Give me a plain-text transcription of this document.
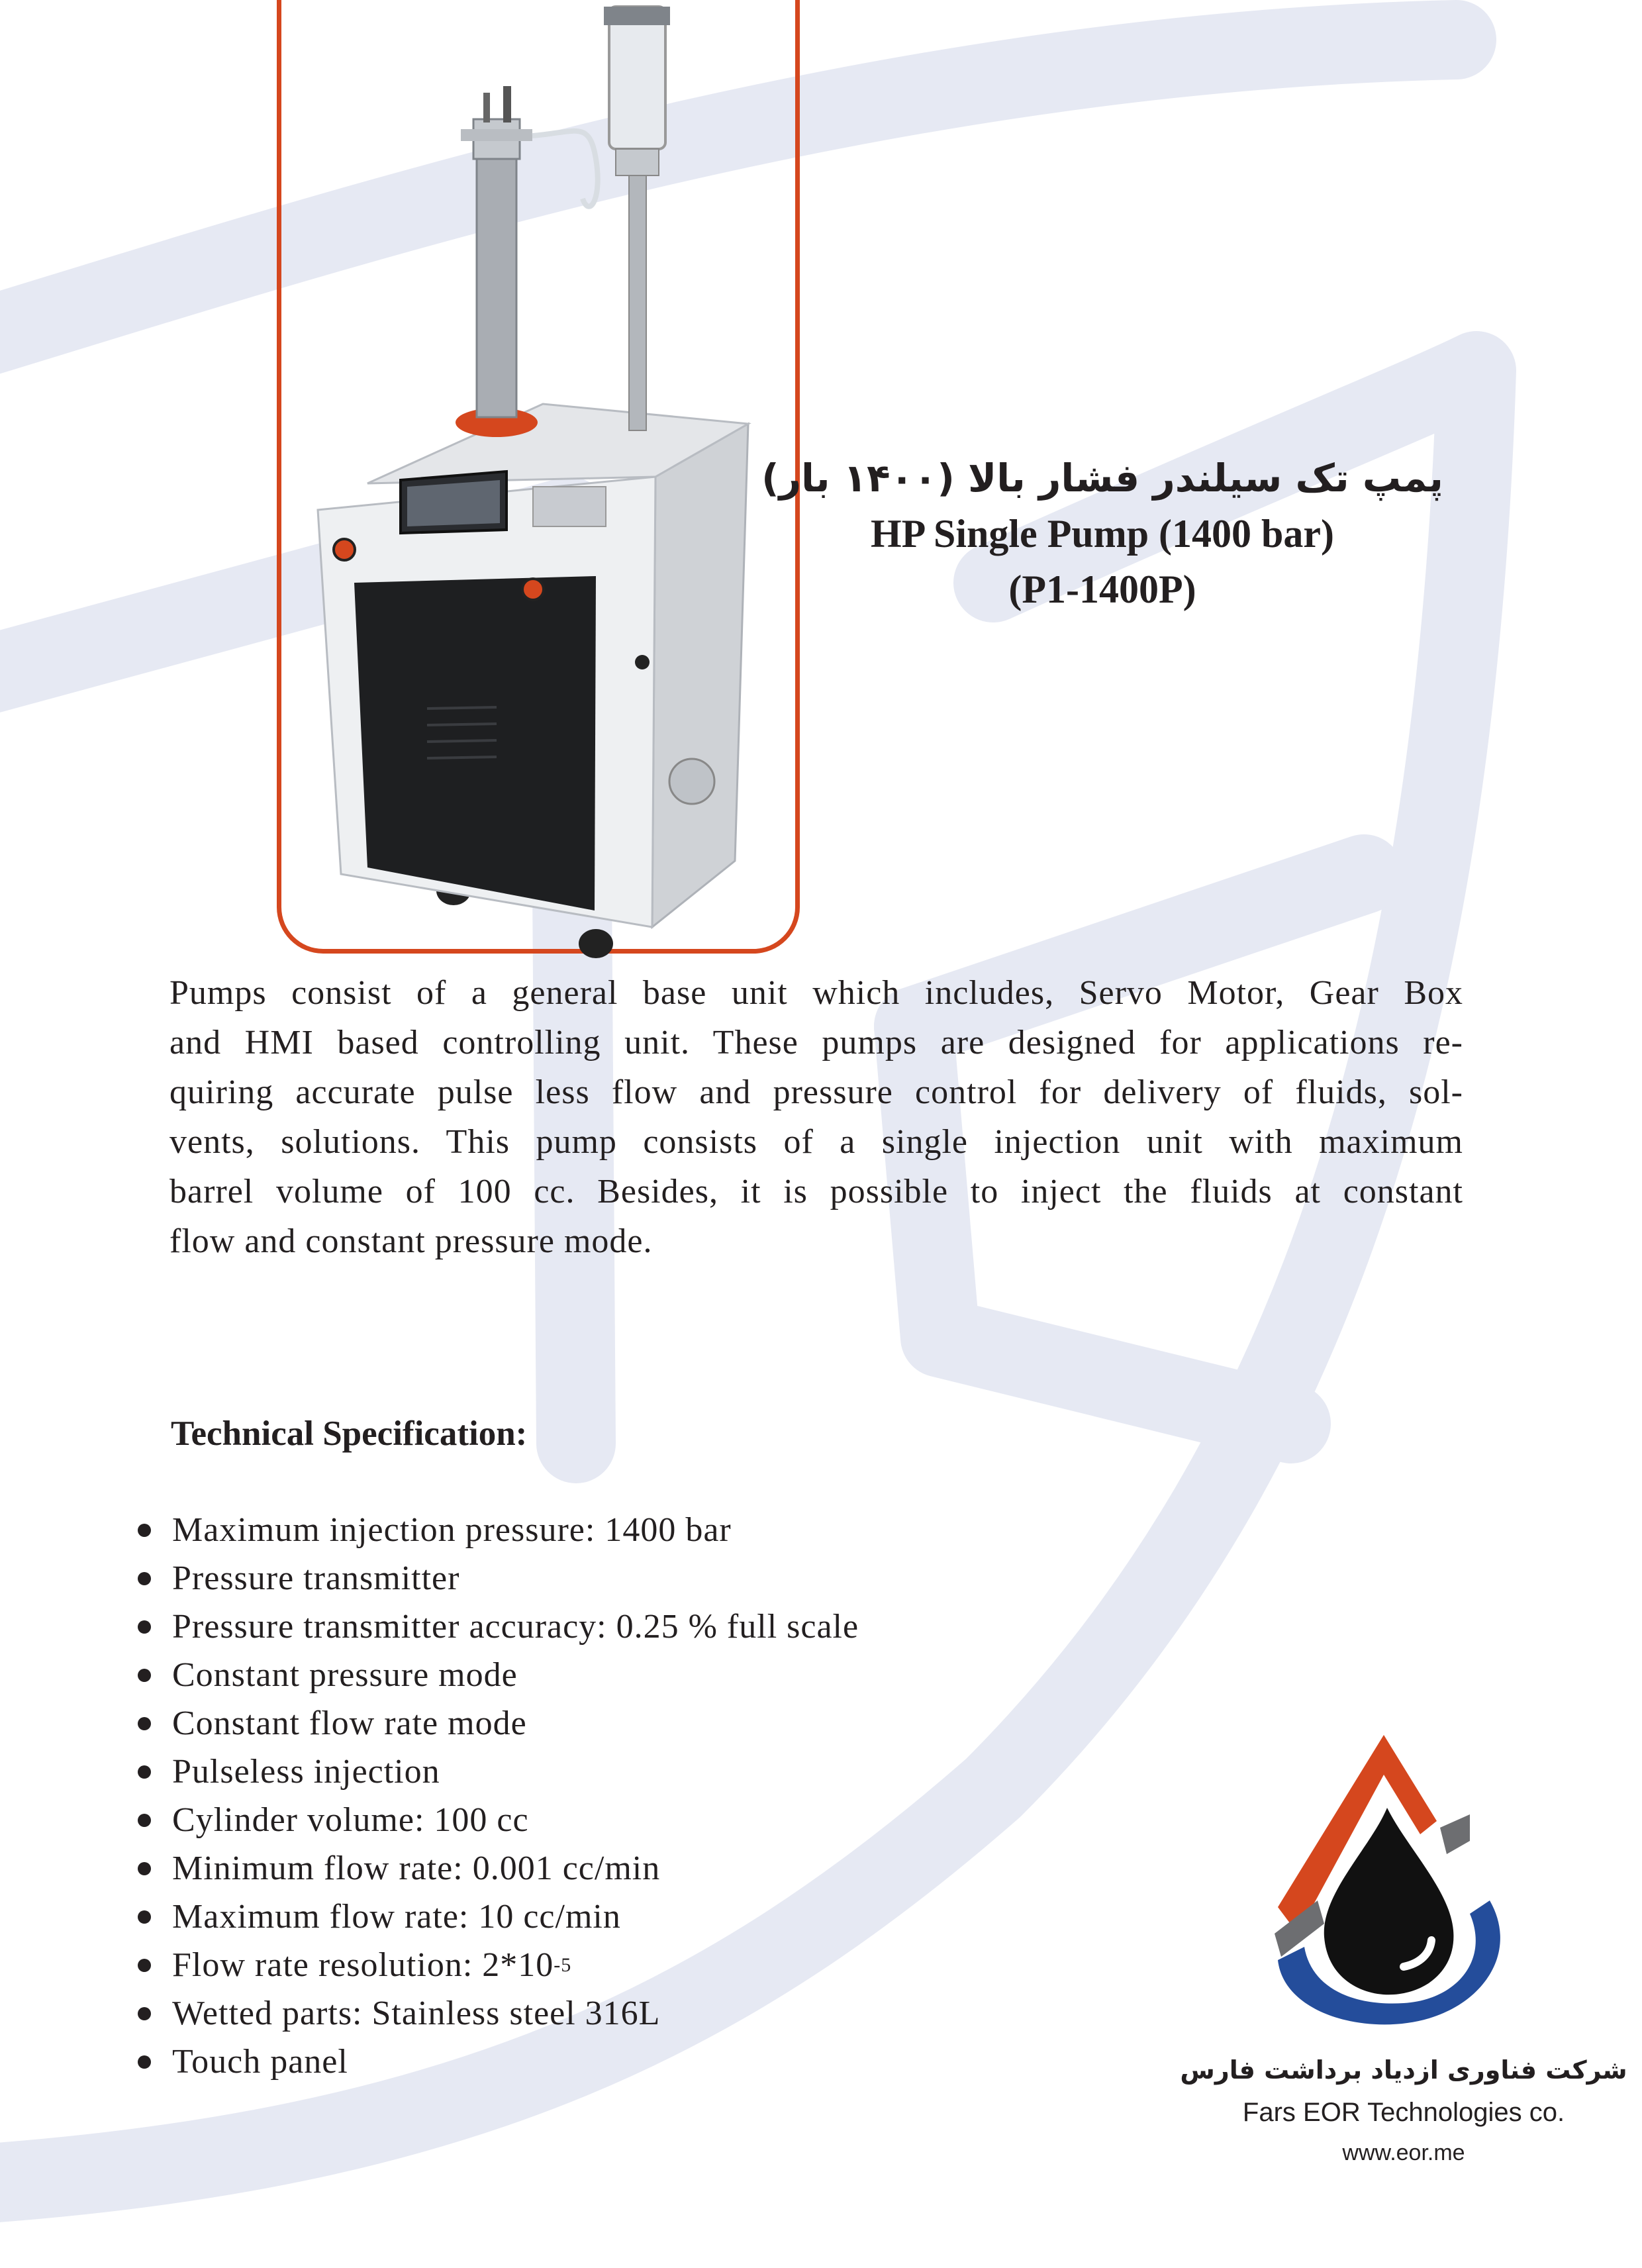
پمپ تک سیلندر فشار بالا (۱۴۰۰ بار)
HP Single Pump (1400 bar)
(P1-1400P)
Pumps consist of a general base unit which includes, Servo Motor, Gear Box
and HMI based controlling unit. These pumps are designed for applications re-
quiring accurate pulse less flow and pressure control for delivery of fluids, sol-
vents, solutions. This pump consists of a single injection unit with maximum
barrel volume of 100 cc. Besides, it is possible to inject the fluids at constant
flow and constant pressure mode.
Technical Specification:
Maximum injection pressure: 1400 bar
Pressure transmitter
Pressure transmitter accuracy: 0.25 % full scale
Constant pressure mode
Constant flow rate mode
Pulseless injection
Cylinder volume: 100 cc
Minimum flow rate: 0.001 cc/min
Maximum flow rate: 10 cc/min
Flow rate resolution: 2*10 -5
Wetted parts: Stainless steel 316L
Touch panel	شرکت فناوری ازدیاد برداشت فارس
Fars EOR Technologies co.
www.eor.me
